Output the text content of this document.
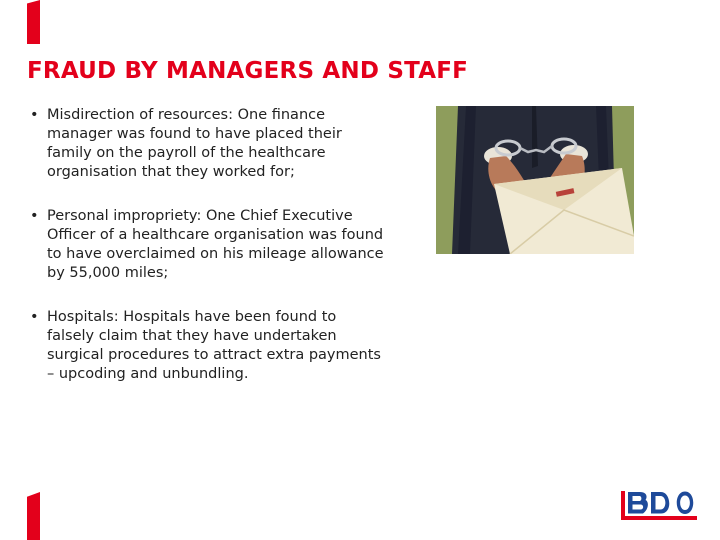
FRAUD BY MANAGERS AND STAFF
• Misdirection of resources: One finance manager was found to have placed their family on the payroll of the healthcare organisation that they worked for;
• Personal impropriety: One Chief Executive Officer of a healthcare organisation was found to have overclaimed on his mileage allowance by 55,000 miles;
• Hospitals: Hospitals have been found to falsely claim that they have undertaken surgical procedures to attract extra payments – upcoding and unbundling.
